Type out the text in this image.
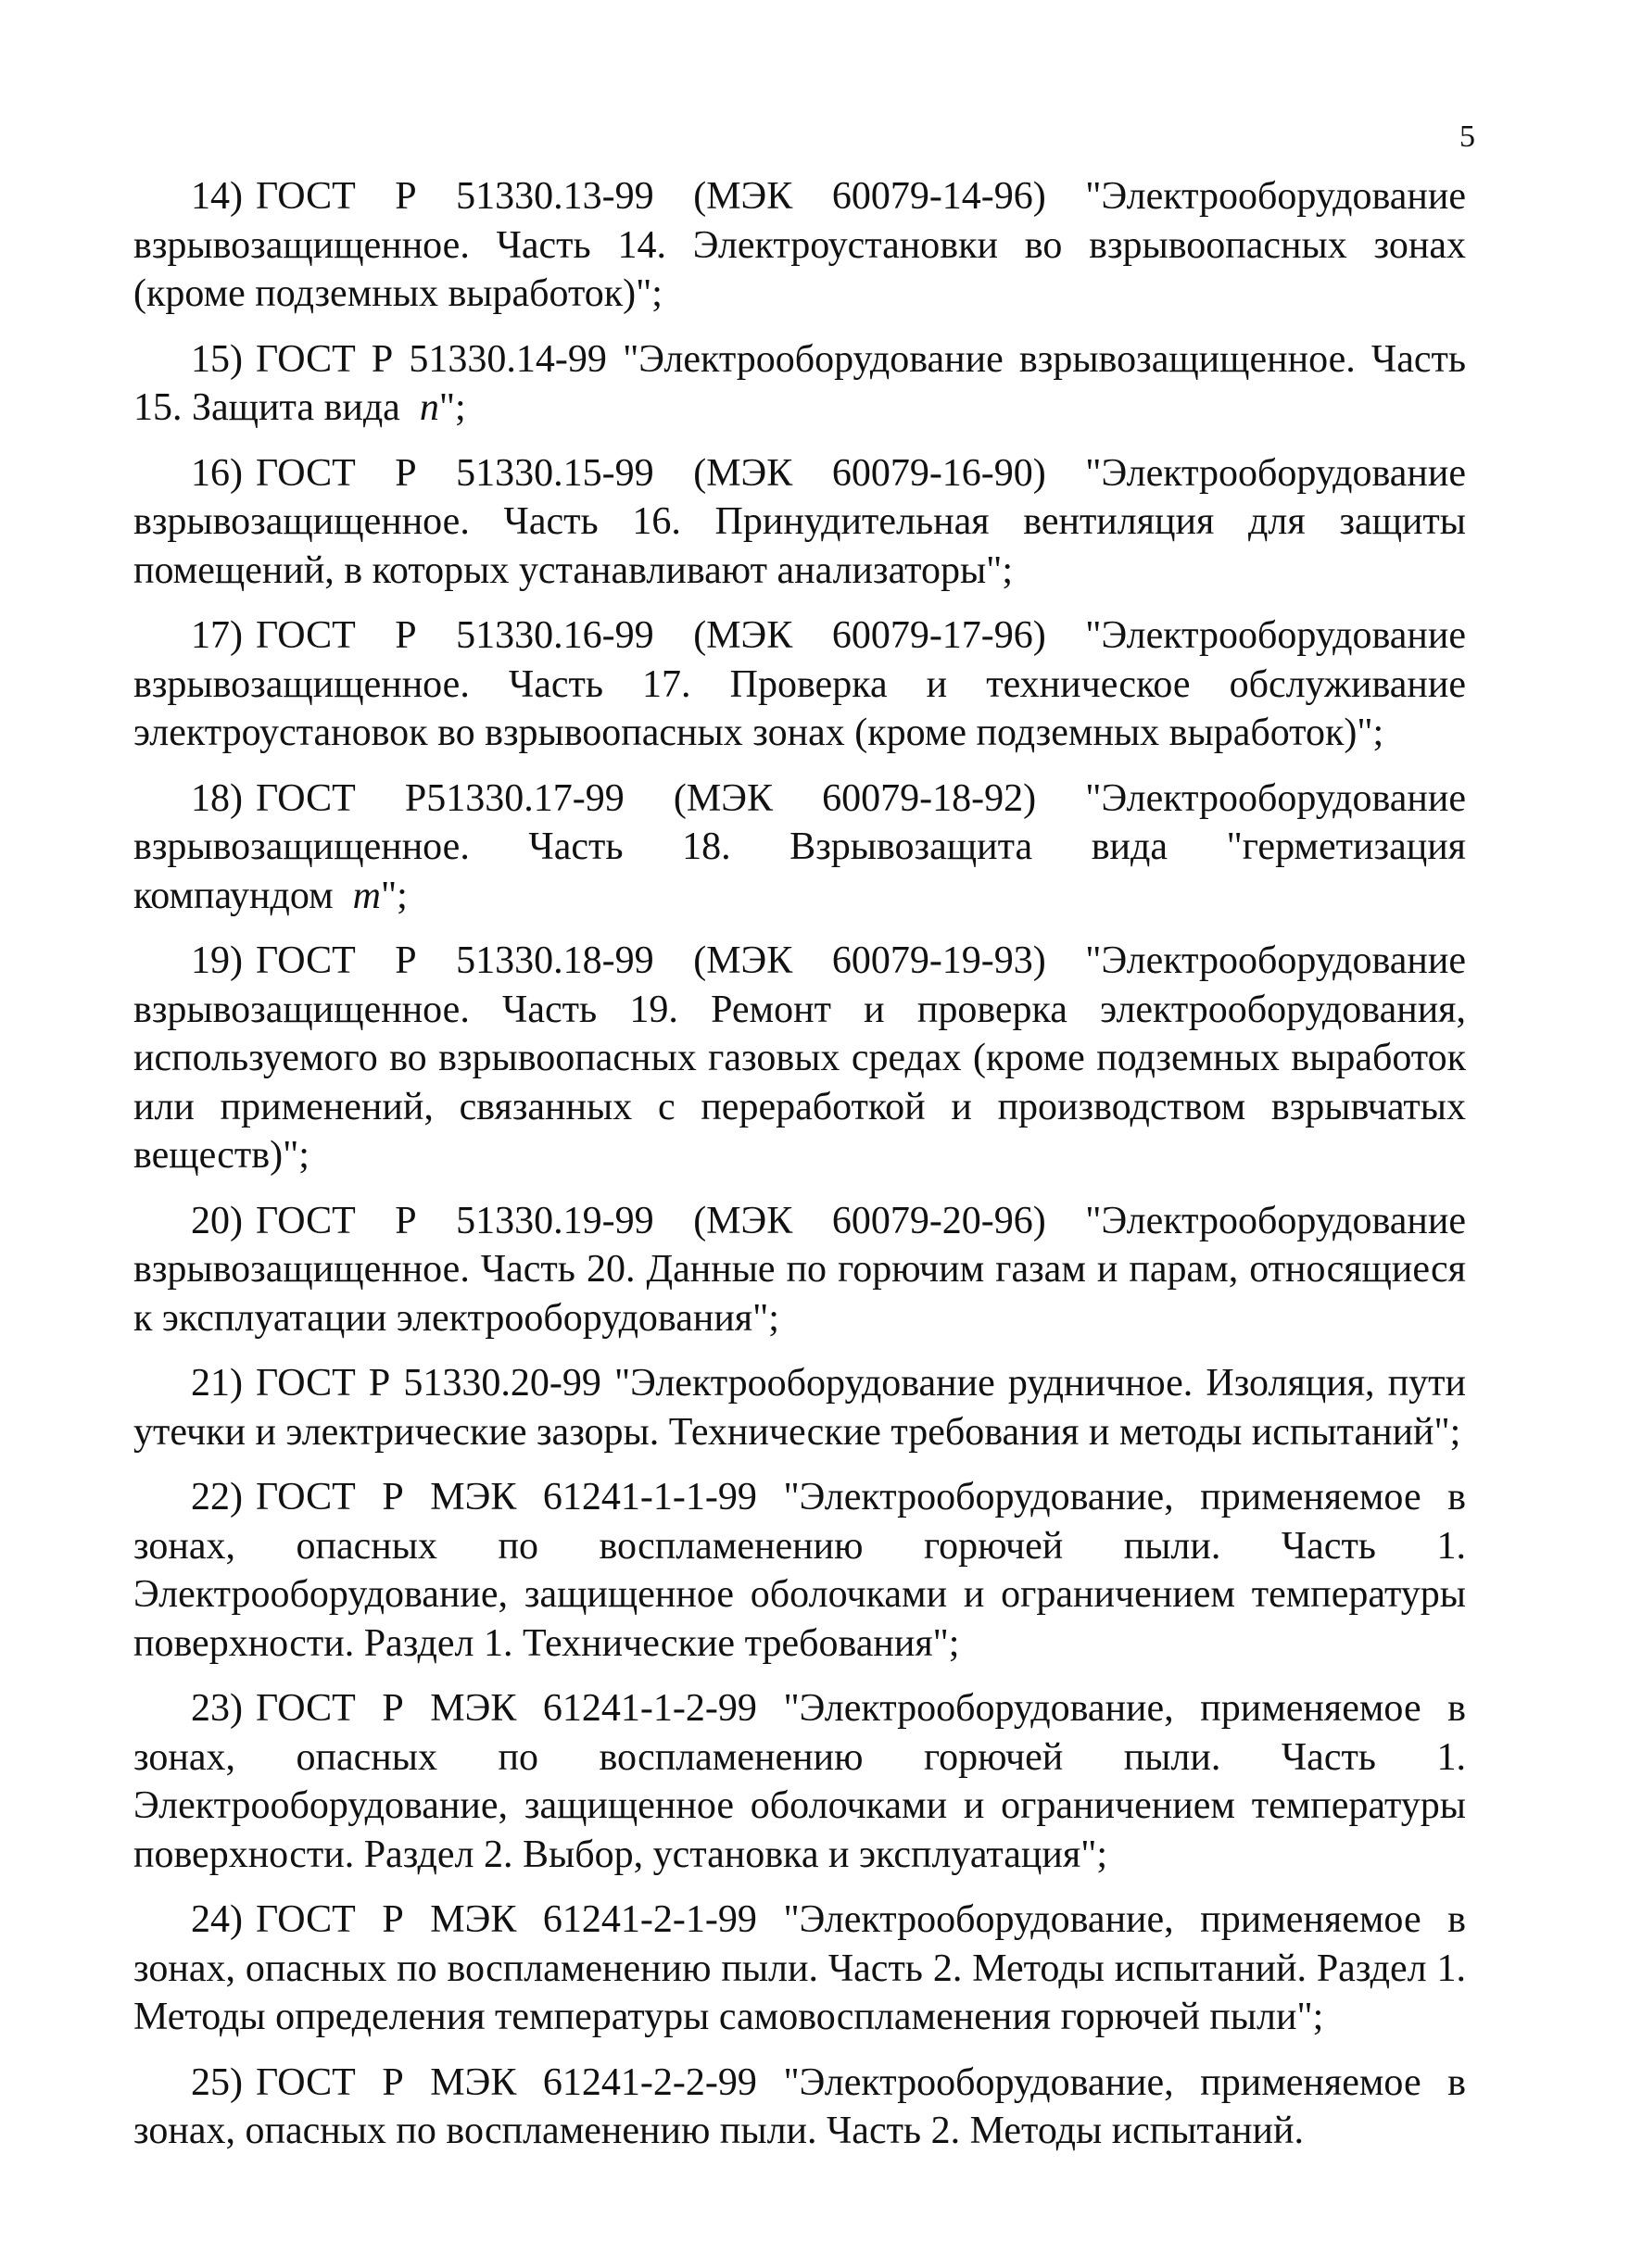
5

14) ГОСТ Р 51330.13-99 (МЭК 60079-14-96) "Электрооборудование взрывозащищенное. Часть 14. Электроустановки во взрывоопасных зонах (кроме подземных выработок)";

15) ГОСТ Р 51330.14-99 "Электрооборудование взрывозащищенное. Часть 15. Защита вида n";

16) ГОСТ Р 51330.15-99 (МЭК 60079-16-90) "Электрооборудование взрывозащищенное. Часть 16. Принудительная вентиляция для защиты помещений, в которых устанавливают анализаторы";

17) ГОСТ Р 51330.16-99 (МЭК 60079-17-96) "Электрооборудование взрывозащищенное. Часть 17. Проверка и техническое обслуживание электроустановок во взрывоопасных зонах (кроме подземных выработок)";

18) ГОСТ Р51330.17-99 (МЭК 60079-18-92) "Электрооборудование взрывозащищенное. Часть 18. Взрывозащита вида "герметизация компаундом m";

19) ГОСТ Р 51330.18-99 (МЭК 60079-19-93) "Электрооборудование взрывозащищенное. Часть 19. Ремонт и проверка электрооборудования, используемого во взрывоопасных газовых средах (кроме подземных выработок или применений, связанных с переработкой и производством взрывчатых веществ)";

20) ГОСТ Р 51330.19-99 (МЭК 60079-20-96) "Электрооборудование взрывозащищенное. Часть 20. Данные по горючим газам и парам, относящиеся к эксплуатации электрооборудования";

21) ГОСТ Р 51330.20-99 "Электрооборудование рудничное. Изоляция, пути утечки и электрические зазоры. Технические требования и методы испытаний";

22) ГОСТ Р МЭК 61241-1-1-99 "Электрооборудование, применяемое в зонах, опасных по воспламенению горючей пыли. Часть 1. Электрооборудование, защищенное оболочками и ограничением температуры поверхности. Раздел 1. Технические требования";

23) ГОСТ Р МЭК 61241-1-2-99 "Электрооборудование, применяемое в зонах, опасных по воспламенению горючей пыли. Часть 1. Электрооборудование, защищенное оболочками и ограничением температуры поверхности. Раздел 2. Выбор, установка и эксплуатация";

24) ГОСТ Р МЭК 61241-2-1-99 "Электрооборудование, применяемое в зонах, опасных по воспламенению пыли. Часть 2. Методы испытаний. Раздел 1. Методы определения температуры самовоспламенения горючей пыли";

25) ГОСТ Р МЭК 61241-2-2-99 "Электрооборудование, применяемое в зонах, опасных по воспламенению пыли. Часть 2. Методы испытаний.
